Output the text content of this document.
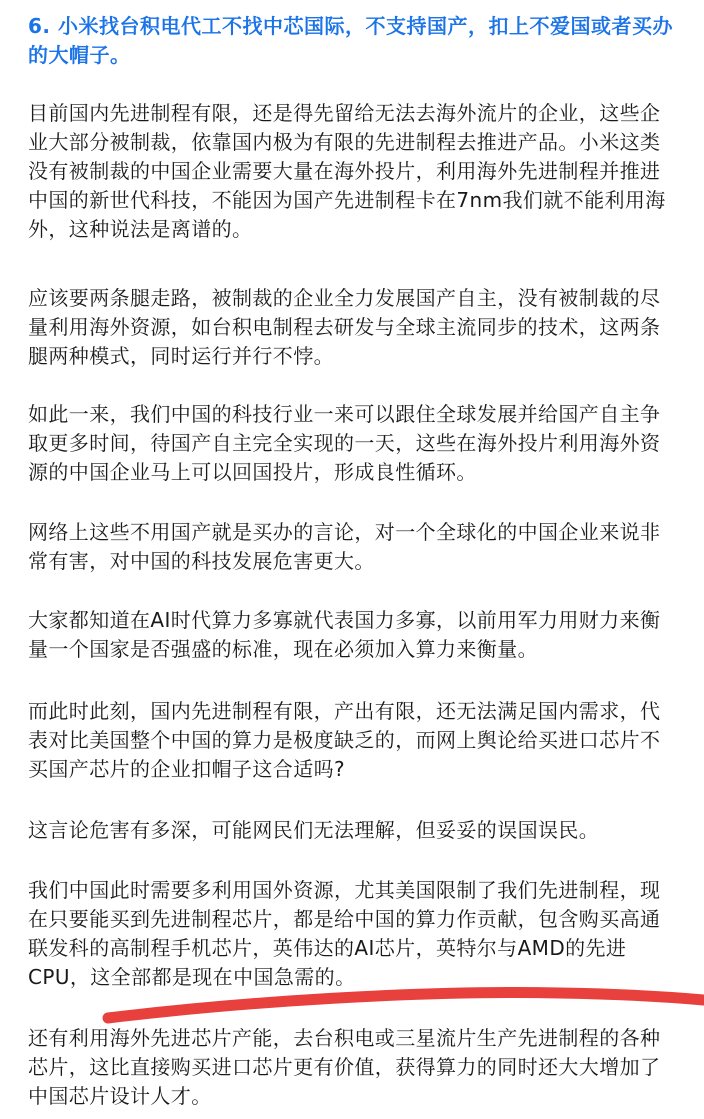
6. 小米找台积电代工不找中芯国际，不支持国产，扣上不爱国或者买办的大帽子。

目前国内先进制程有限，还是得先留给无法去海外流片的企业，这些企业大部分被制裁，依靠国内极为有限的先进制程去推进产品。小米这类没有被制裁的中国企业需要大量在海外投片，利用海外先进制程并推进中国的新世代科技，不能因为国产先进制程卡在7nm我们就不能利用海外，这种说法是离谱的。

应该要两条腿走路，被制裁的企业全力发展国产自主，没有被制裁的尽量利用海外资源，如台积电制程去研发与全球主流同步的技术，这两条腿两种模式，同时运行并行不悖。

如此一来，我们中国的科技行业一来可以跟住全球发展并给国产自主争取更多时间，待国产自主完全实现的一天，这些在海外投片利用海外资源的中国企业马上可以回国投片，形成良性循环。

网络上这些不用国产就是买办的言论，对一个全球化的中国企业来说非常有害，对中国的科技发展危害更大。

大家都知道在AI时代算力多寡就代表国力多寡，以前用军力用财力来衡量一个国家是否强盛的标准，现在必须加入算力来衡量。

而此时此刻，国内先进制程有限，产出有限，还无法满足国内需求，代表对比美国整个中国的算力是极度缺乏的，而网上舆论给买进口芯片不买国产芯片的企业扣帽子这合适吗?

这言论危害有多深，可能网民们无法理解，但妥妥的误国误民。

我们中国此时需要多利用国外资源，尤其美国限制了我们先进制程，现在只要能买到先进制程芯片，都是给中国的算力作贡献，包含购买高通联发科的高制程手机芯片，英伟达的AI芯片，英特尔与AMD的先进CPU，这全部都是现在中国急需的。

还有利用海外先进芯片产能，去台积电或三星流片生产先进制程的各种芯片，这比直接购买进口芯片更有价值，获得算力的同时还大大增加了中国芯片设计人才。
